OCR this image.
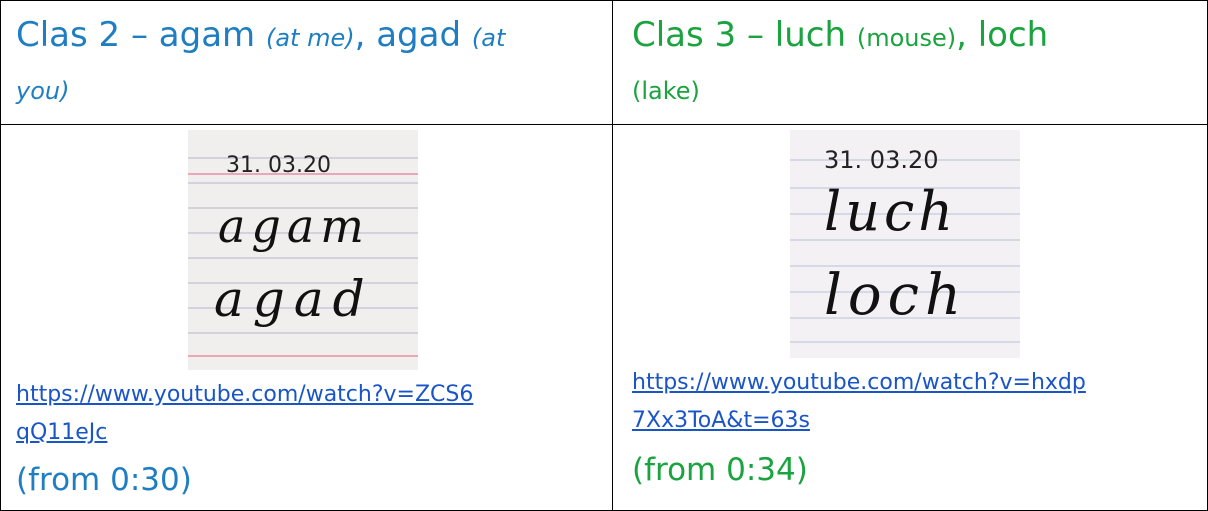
Clas 2 – agam (at me), agad (at
you)
Clas 3 – luch (mouse), loch
(lake)
31. 03.20
agam
agad
31. 03.20
luch
loch
https://www.youtube.com/watch?v=ZCS6
qQ11eJc
(from 0:30)
https://www.youtube.com/watch?v=hxdp
7Xx3ToA&t=63s
(from 0:34)
